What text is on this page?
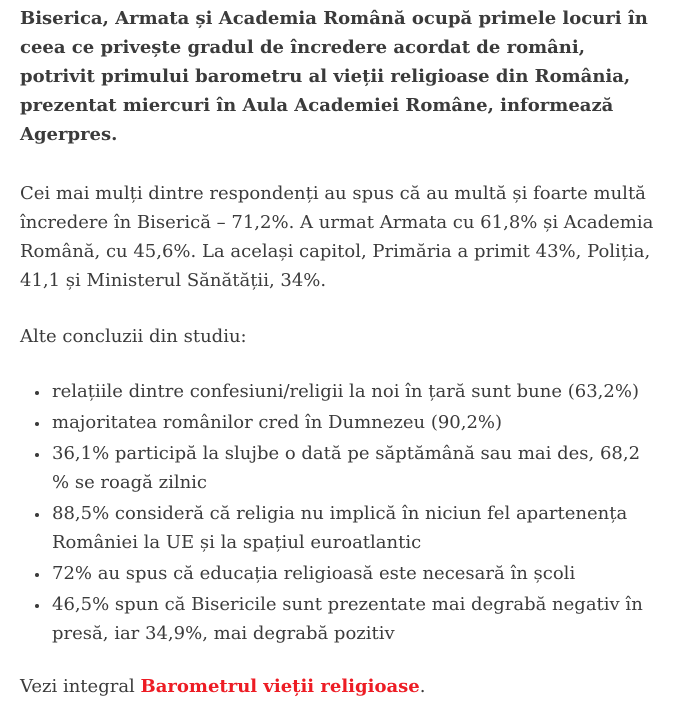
Biserica, Armata și Academia Română ocupă primele locuri în ceea ce privește gradul de încredere acordat de români, potrivit primului barometru al vieții religioase din România, prezentat miercuri în Aula Academiei Române, informează Agerpres.

Cei mai mulți dintre respondenți au spus că au multă și foarte multă încredere în Biserică – 71,2%. A urmat Armata cu 61,8% și Academia Română, cu 45,6%. La același capitol, Primăria a primit 43%, Poliția, 41,1 și Ministerul Sănătății, 34%.

Alte concluzii din studiu:

• relațiile dintre confesiuni/religii la noi în țară sunt bune (63,2%)
• majoritatea românilor cred în Dumnezeu (90,2%)
• 36,1% participă la slujbe o dată pe săptămână sau mai des, 68,2 % se roagă zilnic
• 88,5% consideră că religia nu implică în niciun fel apartenența României la UE și la spațiul euroatlantic
• 72% au spus că educația religioasă este necesară în școli
• 46,5% spun că Bisericile sunt prezentate mai degrabă negativ în presă, iar 34,9%, mai degrabă pozitiv

Vezi integral Barometrul vieții religioase.
